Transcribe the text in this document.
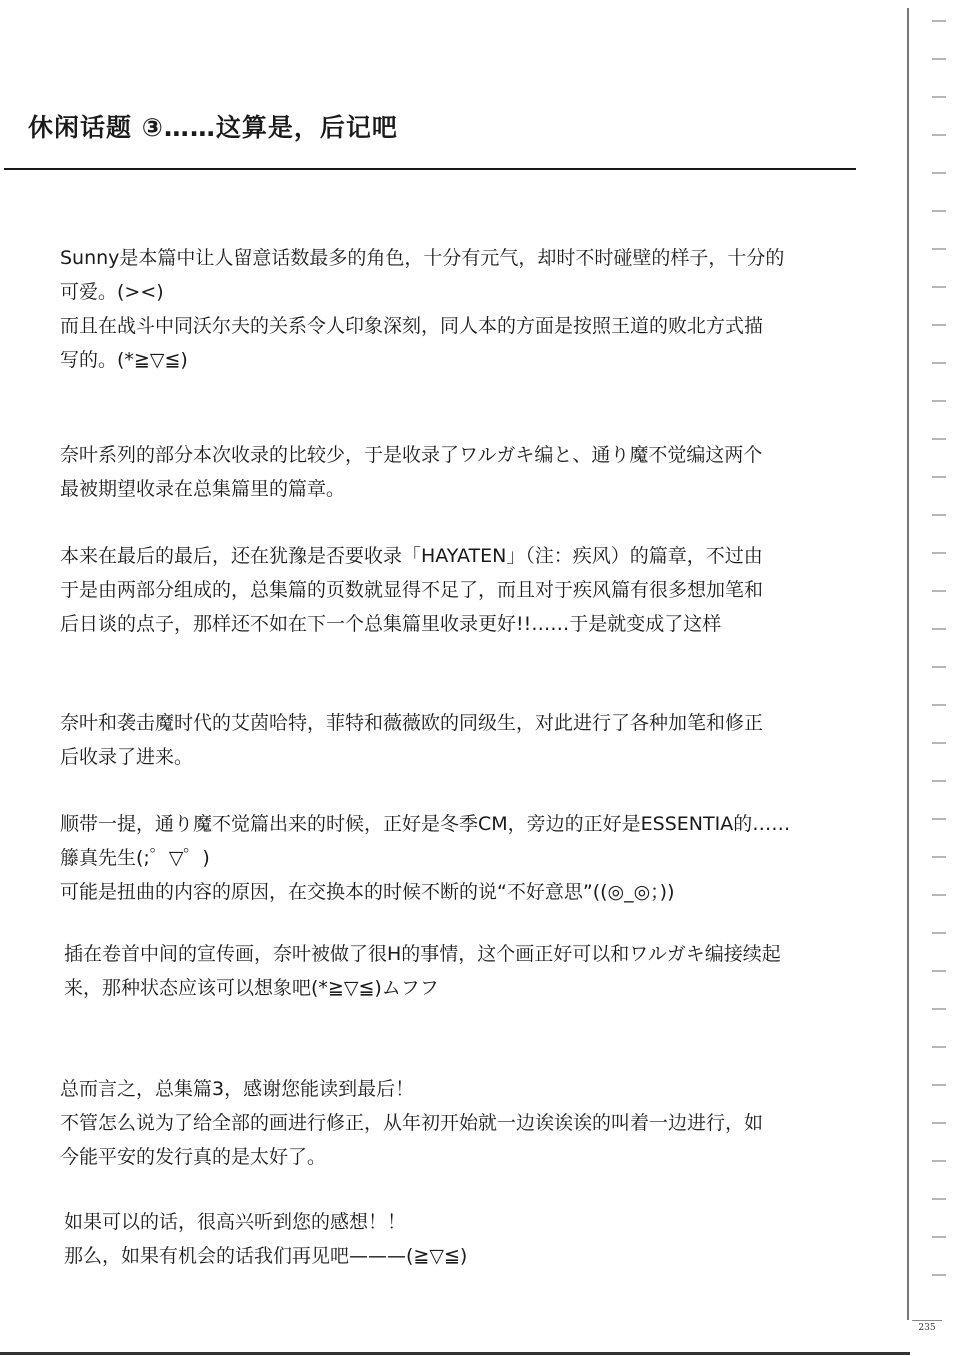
休闲话题 ③……这算是，后记吧
Sunny是本篇中让人留意话数最多的角色，十分有元气，却时不时碰壁的样子，十分的
可爱。(><)
而且在战斗中同沃尔夫的关系令人印象深刻，同人本的方面是按照王道的败北方式描
写的。(*≧▽≦)
奈叶系列的部分本次收录的比较少，于是收录了ワルガキ编と、通り魔不觉编这两个
最被期望收录在总集篇里的篇章。
本来在最后的最后，还在犹豫是否要收录「HAYATEN」（注：疾风）的篇章，不过由
于是由两部分组成的，总集篇的页数就显得不足了，而且对于疾风篇有很多想加笔和
后日谈的点子，那样还不如在下一个总集篇里收录更好!!……于是就变成了这样
奈叶和袭击魔时代的艾茵哈特，菲特和薇薇欧的同级生，对此进行了各种加笔和修正
后收录了进来。
顺带一提，通り魔不觉篇出来的时候，正好是冬季CM，旁边的正好是ESSENTIA的……
籐真先生(;゜▽゜)
可能是扭曲的内容的原因，在交换本的时候不断的说“不好意思”((◎_◎；))
插在卷首中间的宣传画，奈叶被做了很H的事情，这个画正好可以和ワルガキ编接续起
来，那种状态应该可以想象吧(*≧▽≦)ムフフ
总而言之，总集篇3，感谢您能读到最后！
不管怎么说为了给全部的画进行修正，从年初开始就一边诶诶诶的叫着一边进行，如
今能平安的发行真的是太好了。
如果可以的话，很高兴听到您的感想！！
那么，如果有机会的话我们再见吧———(≧▽≦)
235
